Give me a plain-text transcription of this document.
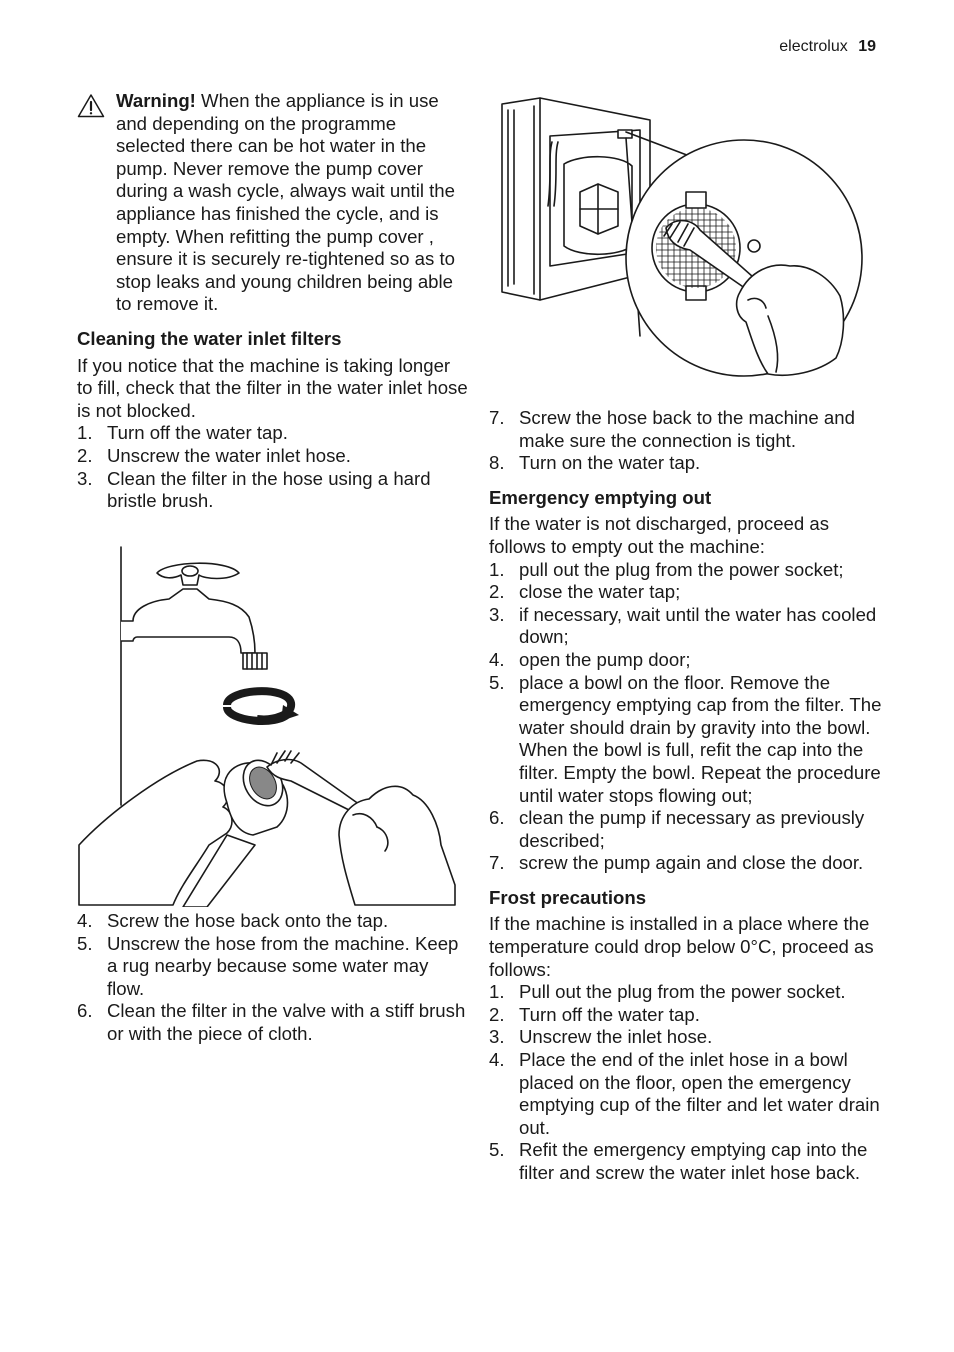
electrolux 19

Warning! When the appliance is in use and depending on the programme selected there can be hot water in the pump. Never remove the pump cover during a wash cycle, always wait until the appliance has finished the cycle, and is empty. When refitting the pump cover , ensure it is securely re-tightened so as to stop leaks and young children being able to remove it.

Cleaning the water inlet filters

If you notice that the machine is taking longer to fill, check that the filter in the water inlet hose is not blocked.

1. Turn off the water tap.
2. Unscrew the water inlet hose.
3. Clean the filter in the hose using a hard bristle brush.
4. Screw the hose back onto the tap.
5. Unscrew the hose from the machine. Keep a rug nearby because some water may flow.
6. Clean the filter in the valve with a stiff brush or with the piece of cloth.
7. Screw the hose back to the machine and make sure the connection is tight.
8. Turn on the water tap.
Emergency emptying out

If the water is not discharged, proceed as follows to empty out the machine:

1. pull out the plug from the power socket;
2. close the water tap;
3. if necessary, wait until the water has cooled down;
4. open the pump door;
5. place a bowl on the floor. Remove the emergency emptying cap from the filter. The water should drain by gravity into the bowl. When the bowl is full, refit the cap into the filter. Empty the bowl. Repeat the procedure until water stops flowing out;
6. clean the pump if necessary as previously described;
7. screw the pump again and close the door.
Frost precautions

If the machine is installed in a place where the temperature could drop below 0°C, proceed as follows:

1. Pull out the plug from the power socket.
2. Turn off the water tap.
3. Unscrew the inlet hose.
4. Place the end of the inlet hose in a bowl placed on the floor, open the emergency emptying cup of the filter and let water drain out.
5. Refit the emergency emptying cap into the filter and screw the water inlet hose back.
